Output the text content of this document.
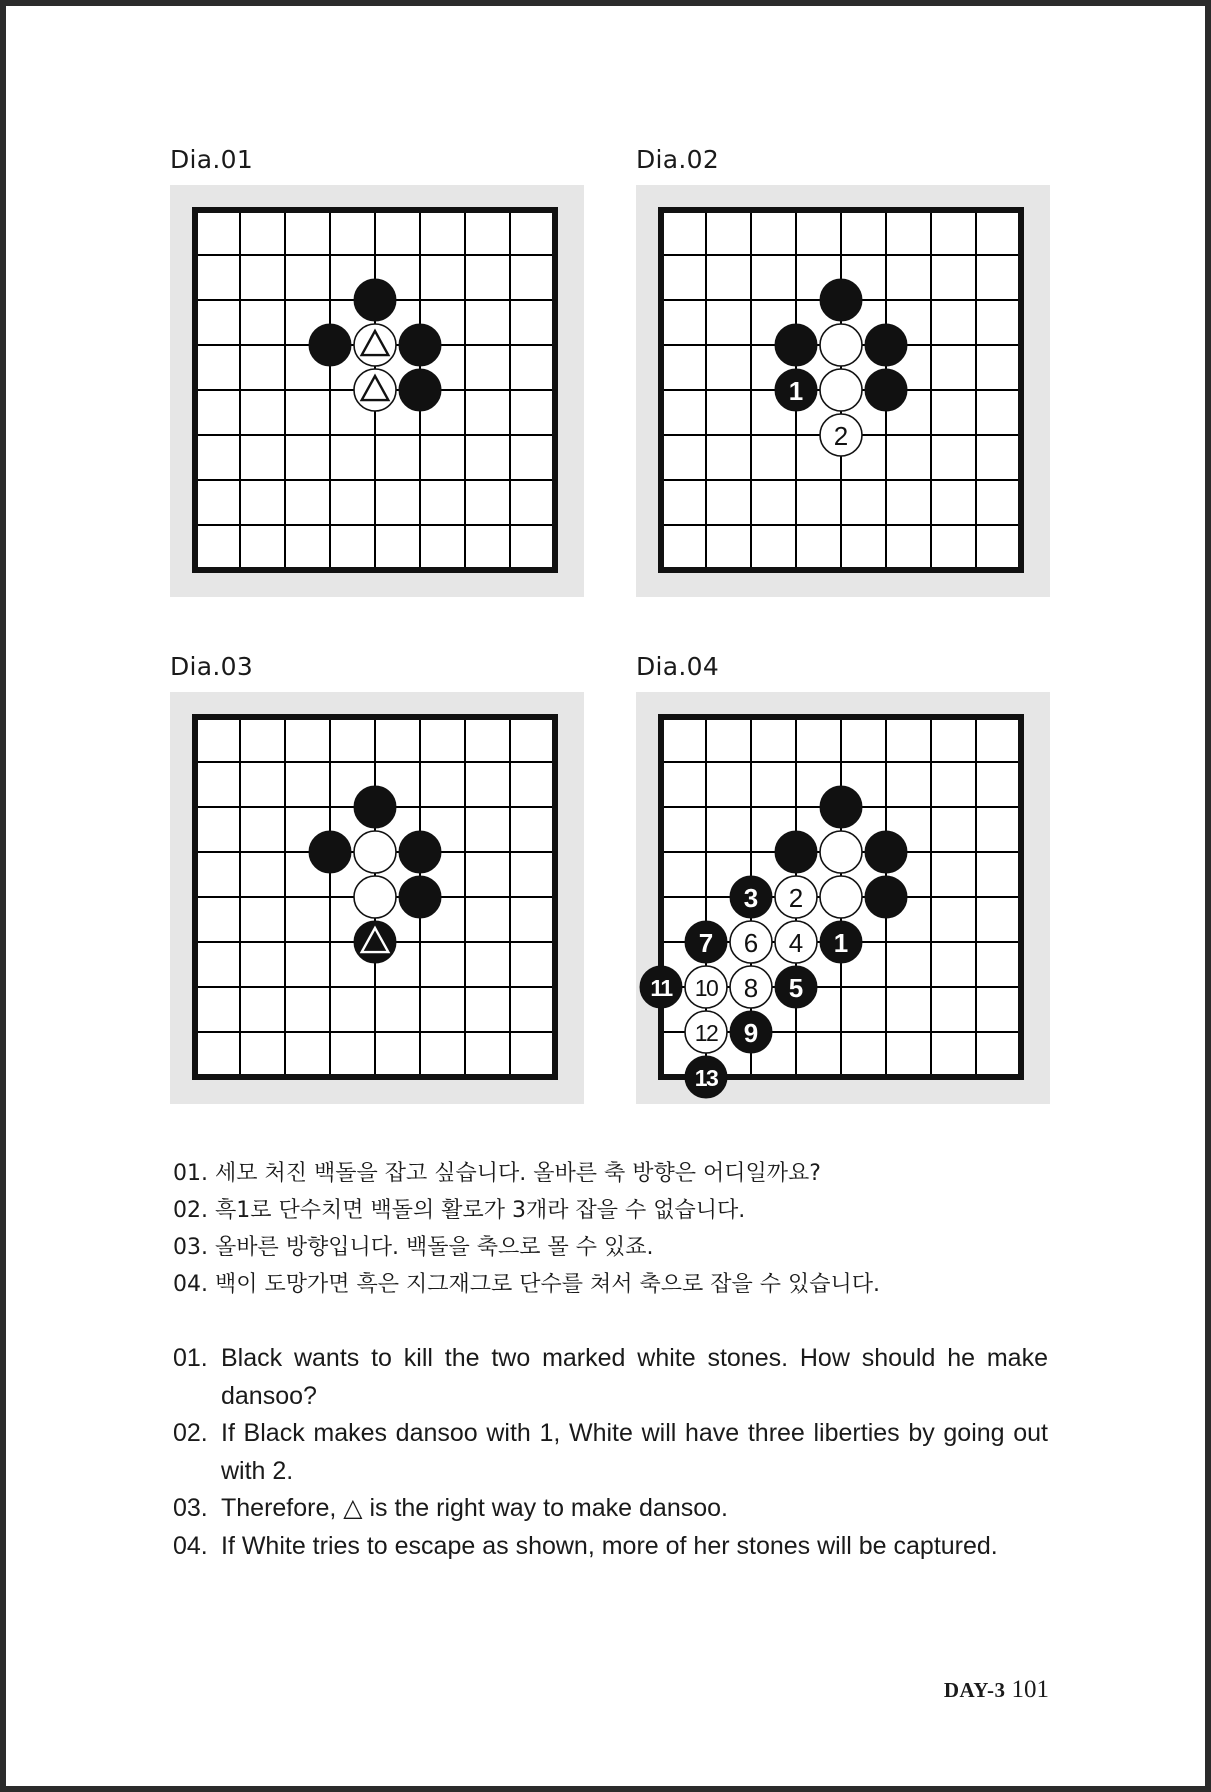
Dia.01	Dia.02
Dia.03	Dia.04
1
2
3 2
7 6 4 1
11 10 8 5
12 9
13
01. 세모 처진 백돌을 잡고 싶습니다. 올바른 축 방향은 어디일까요?
02. 흑1로 단수치면 백돌의 활로가 3개라 잡을 수 없습니다.
03. 올바른 방향입니다. 백돌을 축으로 몰 수 있죠.
04. 백이 도망가면 흑은 지그재그로 단수를 쳐서 축으로 잡을 수 있습니다.
01. Black wants to kill the two marked white stones. How should he make dansoo?
02. If Black makes dansoo with 1, White will have three liberties by going out with 2.
03. Therefore, △ is the right way to make dansoo.
04. If White tries to escape as shown, more of her stones will be captured.
DAY-3 101
